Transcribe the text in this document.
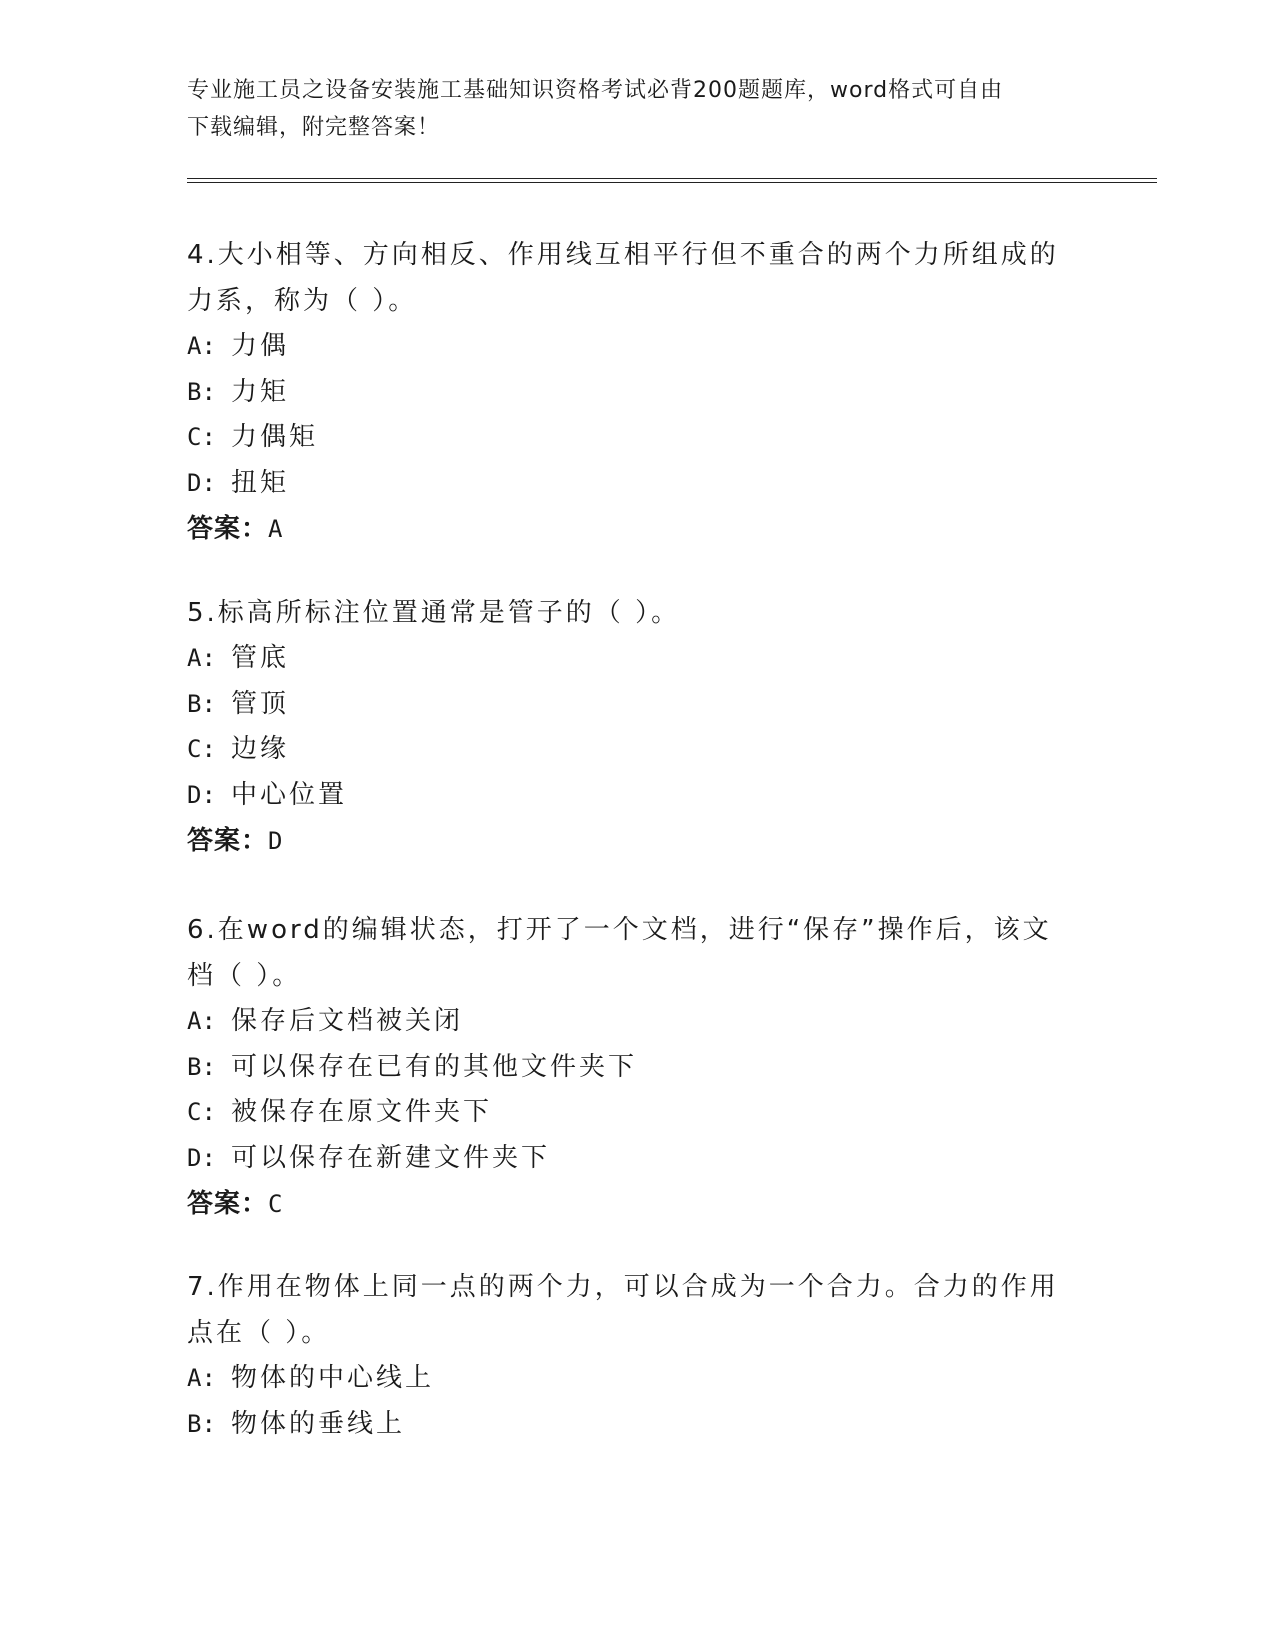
专业施工员之设备安装施工基础知识资格考试必背200题题库，word格式可自由
下载编辑，附完整答案！

4.大小相等、方向相反、作用线互相平行但不重合的两个力所组成的

力系，称为（ ）。

A: 力偶

B: 力矩

C: 力偶矩

D: 扭矩

答案：A

5.标高所标注位置通常是管子的（ ）。

A: 管底

B: 管顶

C: 边缘

D: 中心位置

答案：D

6.在word的编辑状态，打开了一个文档，进行“保存”操作后，该文

档（ ）。

A: 保存后文档被关闭

B: 可以保存在已有的其他文件夹下

C: 被保存在原文件夹下

D: 可以保存在新建文件夹下

答案：C

7.作用在物体上同一点的两个力，可以合成为一个合力。合力的作用

点在（ ）。

A: 物体的中心线上

B: 物体的垂线上
